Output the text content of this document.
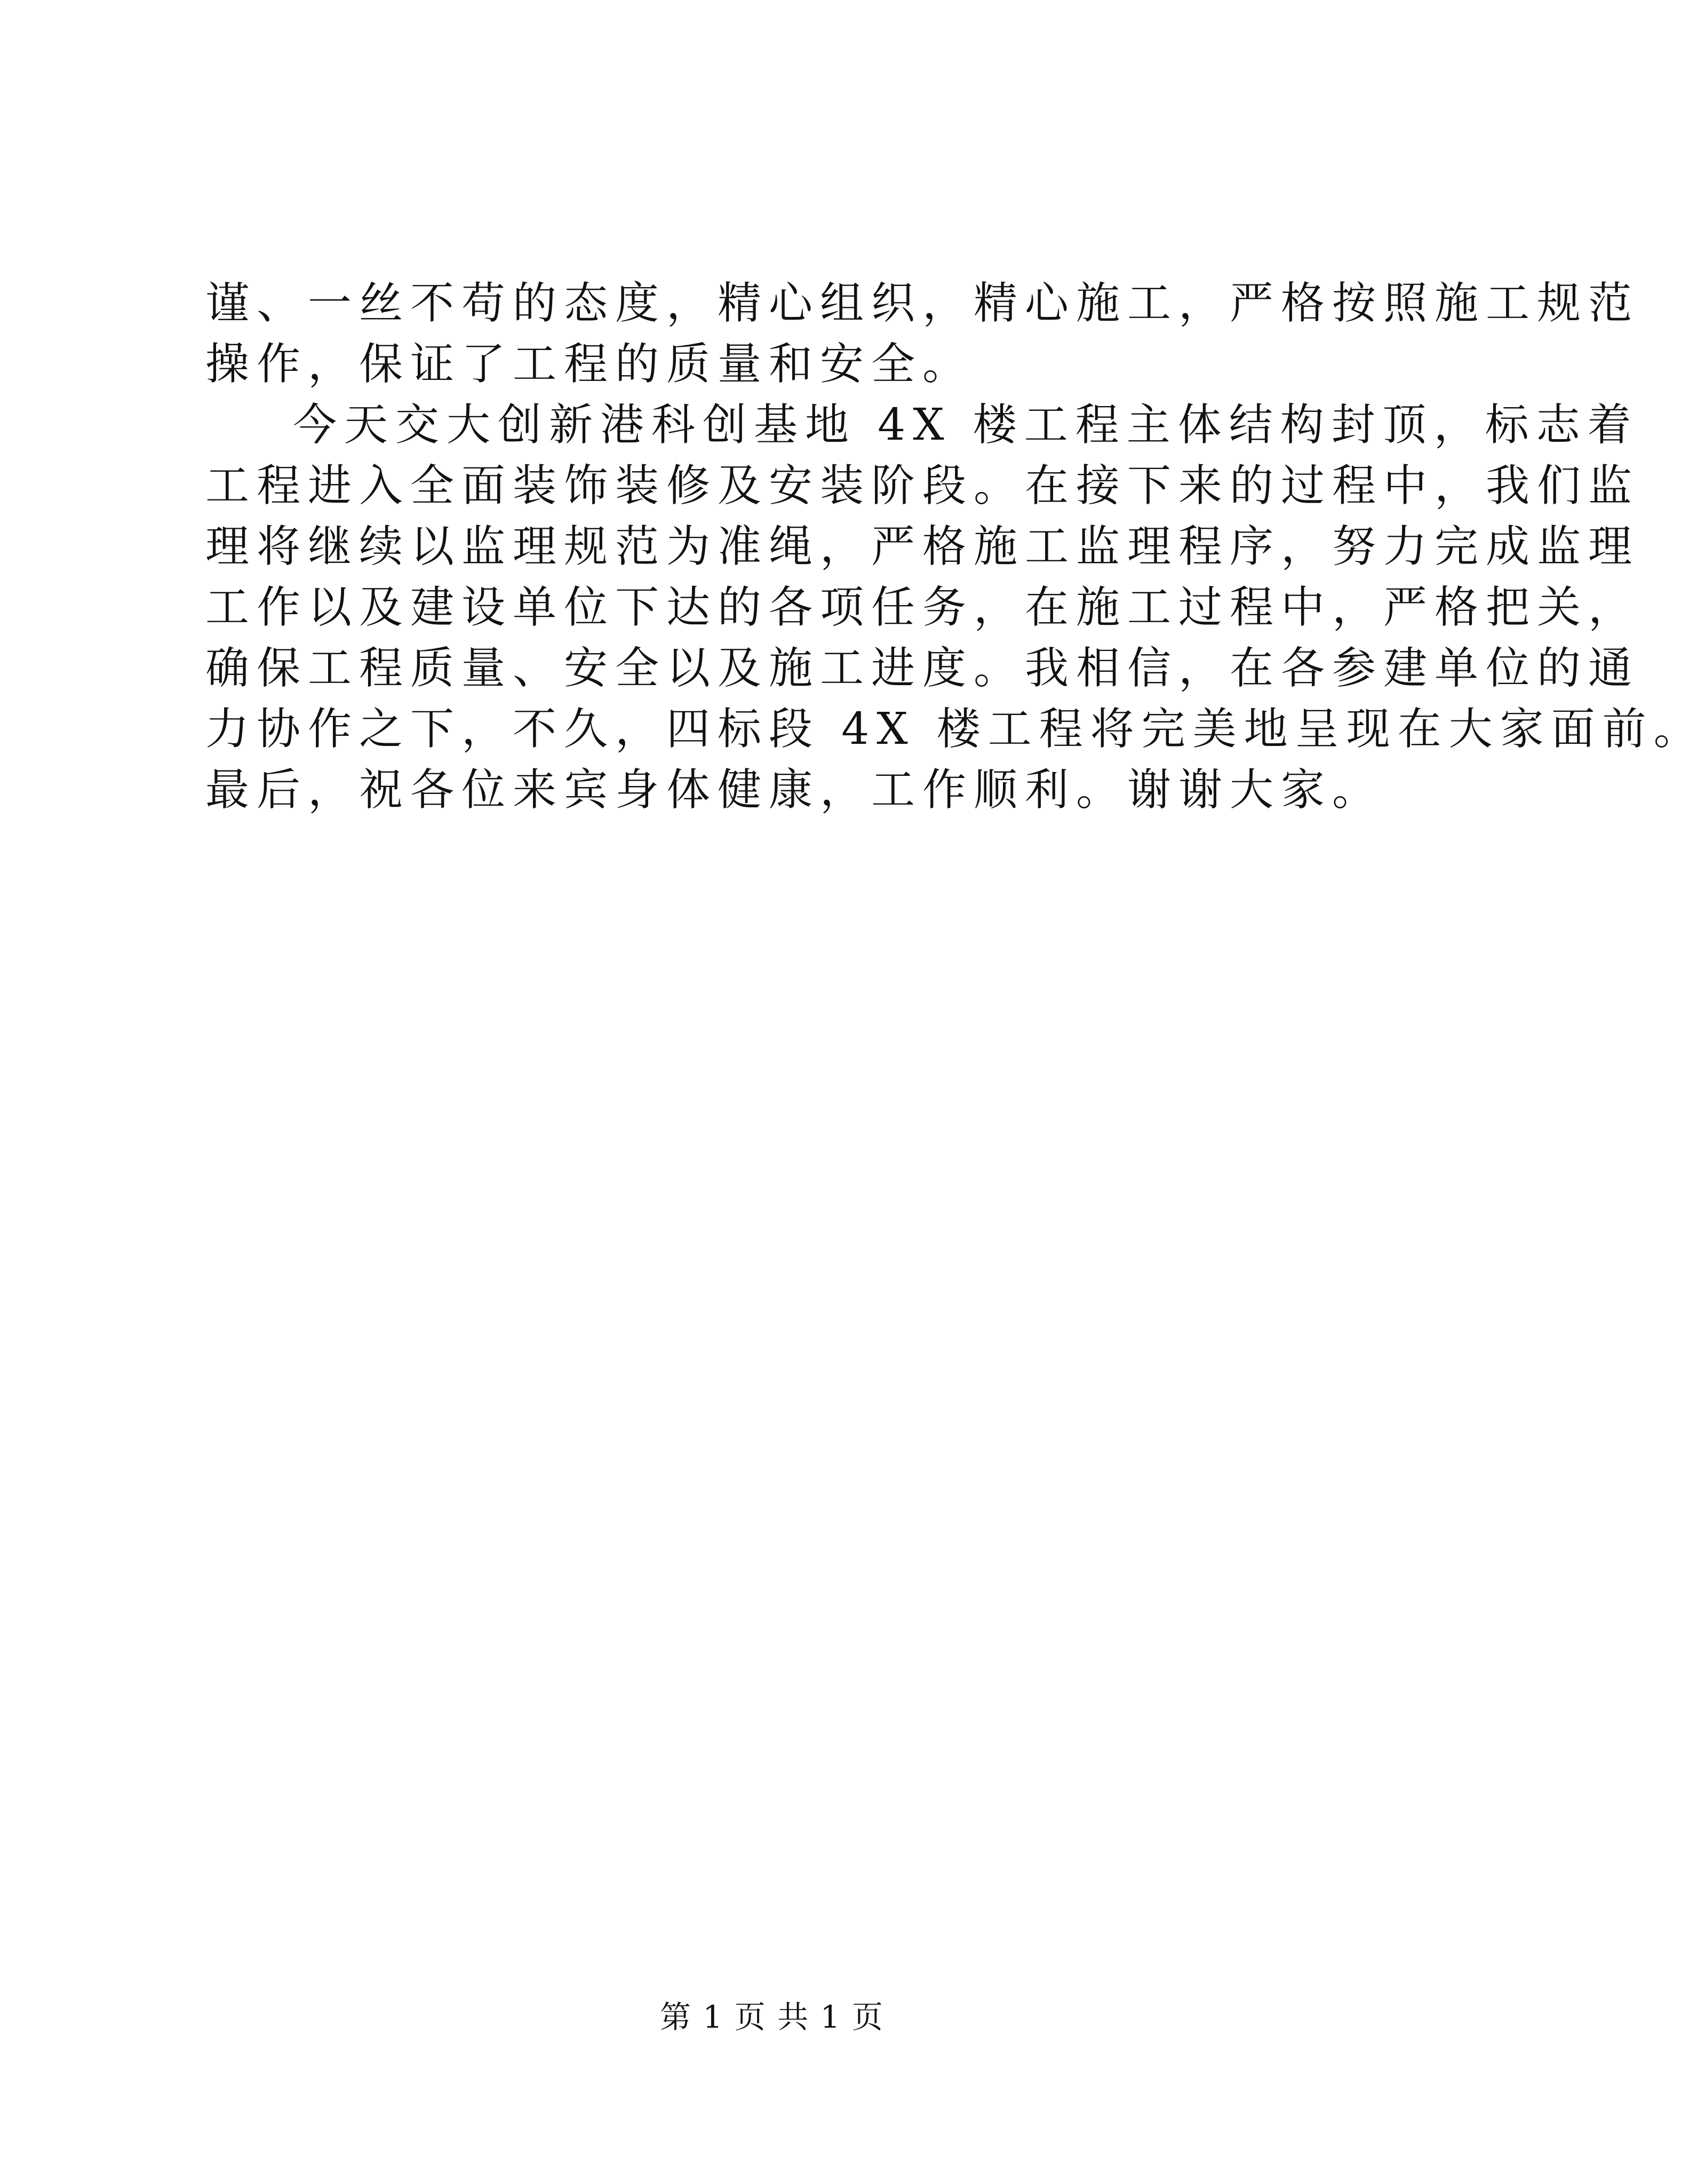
谨、一丝不苟的态度，精心组织，精心施工，严格按照施工规范
操作，保证了工程的质量和安全。
今天交大创新港科创基地 4X 楼工程主体结构封顶，标志着
工程进入全面装饰装修及安装阶段。在接下来的过程中，我们监
理将继续以监理规范为准绳，严格施工监理程序，努力完成监理
工作以及建设单位下达的各项任务，在施工过程中，严格把关，
确保工程质量、安全以及施工进度。我相信，在各参建单位的通
力协作之下，不久，四标段 4X 楼工程将完美地呈现在大家面前。
最后，祝各位来宾身体健康，工作顺利。谢谢大家。
第 1 页 共 1 页
